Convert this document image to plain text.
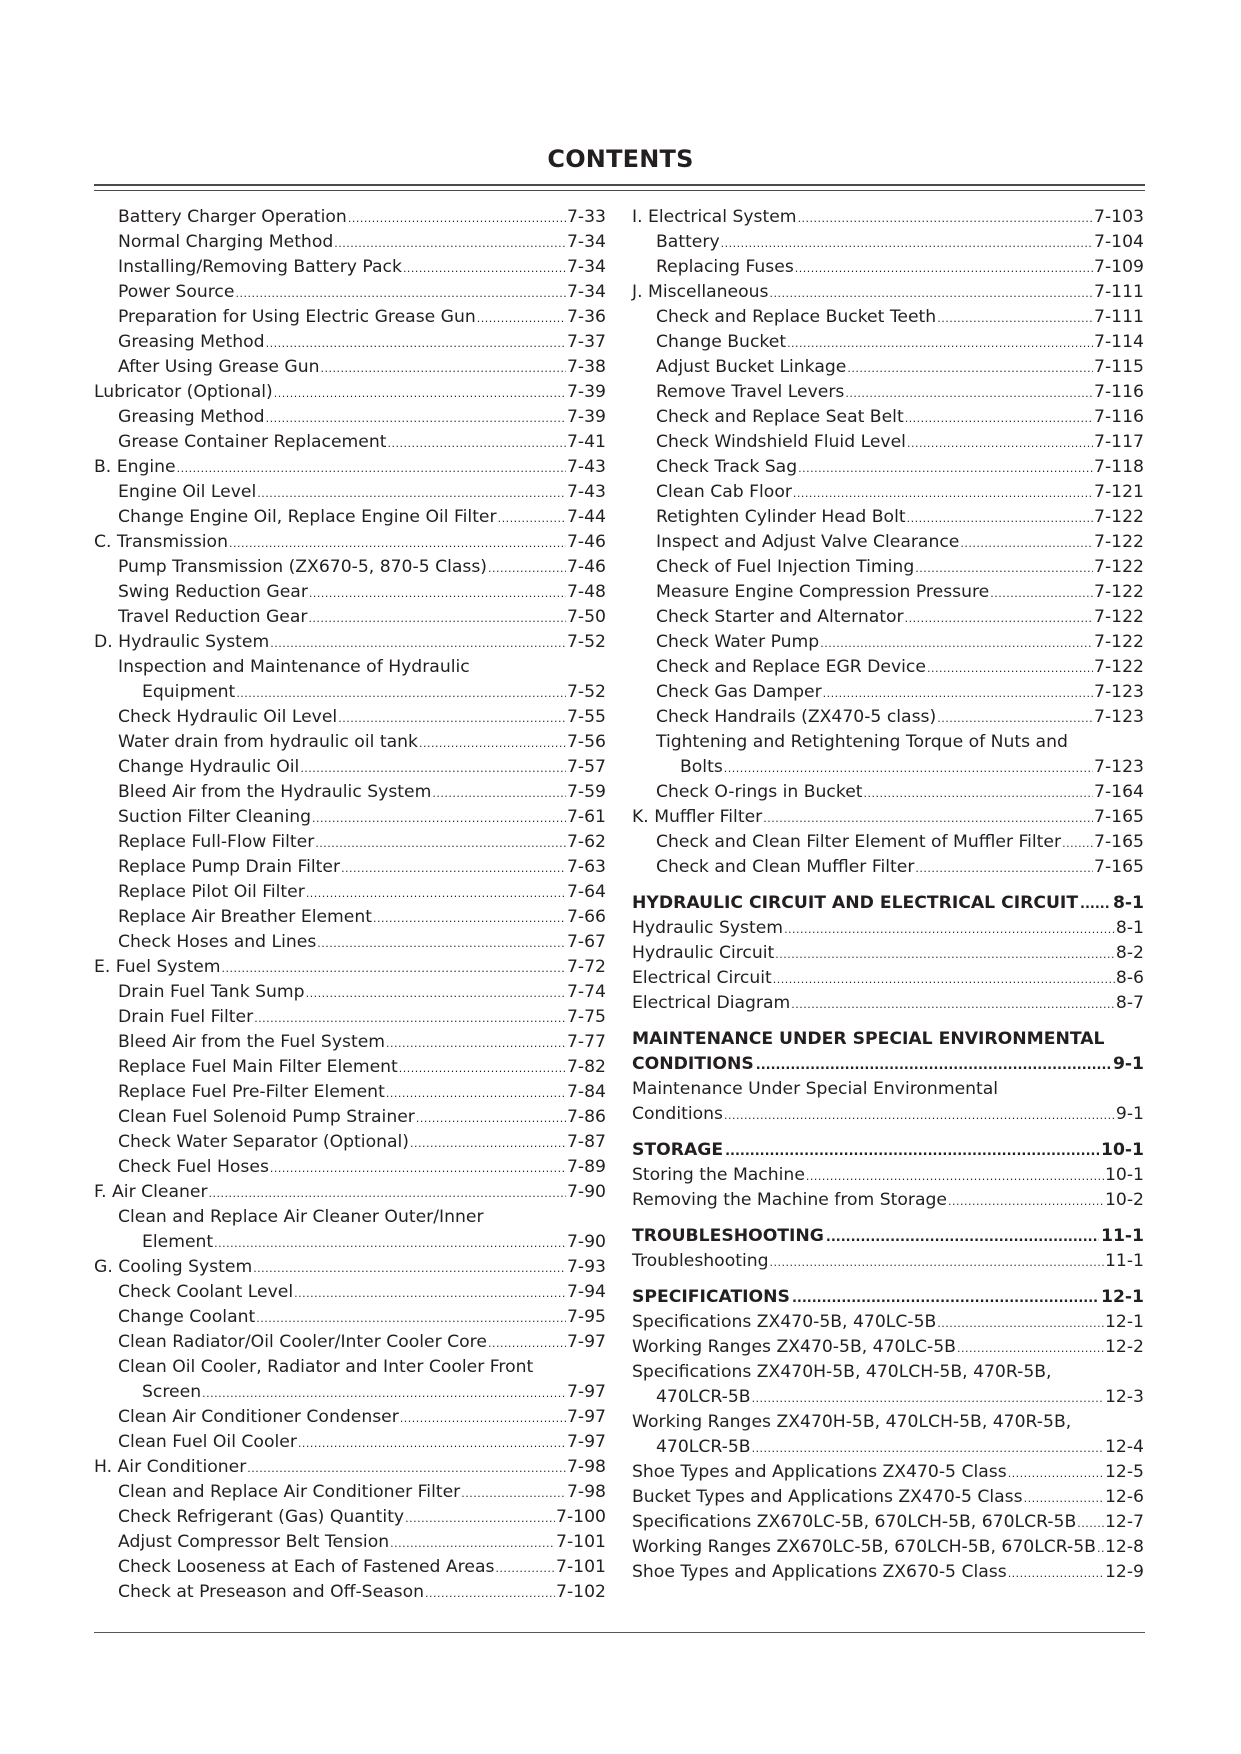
CONTENTS
Battery Charger Operation .....	7-33
Normal Charging Method .....	7-34
Installing/Removing Battery Pack .....	7-34
Power Source .....	7-34
Preparation for Using Electric Grease Gun .....	7-36
Greasing Method .....	7-37
After Using Grease Gun .....	7-38
Lubricator (Optional) .....	7-39
Greasing Method .....	7-39
Grease Container Replacement .....	7-41
B. Engine .....	7-43
Engine Oil Level .....	7-43
Change Engine Oil, Replace Engine Oil Filter .....	7-44
C. Transmission .....	7-46
Pump Transmission (ZX670-5, 870-5 Class) .....	7-46
Swing Reduction Gear .....	7-48
Travel Reduction Gear .....	7-50
D. Hydraulic System .....	7-52
Inspection and Maintenance of Hydraulic
Equipment .....	7-52
Check Hydraulic Oil Level .....	7-55
Water drain from hydraulic oil tank .....	7-56
Change Hydraulic Oil .....	7-57
Bleed Air from the Hydraulic System .....	7-59
Suction Filter Cleaning .....	7-61
Replace Full-Flow Filter .....	7-62
Replace Pump Drain Filter .....	7-63
Replace Pilot Oil Filter .....	7-64
Replace Air Breather Element .....	7-66
Check Hoses and Lines .....	7-67
E. Fuel System .....	7-72
Drain Fuel Tank Sump .....	7-74
Drain Fuel Filter .....	7-75
Bleed Air from the Fuel System .....	7-77
Replace Fuel Main Filter Element .....	7-82
Replace Fuel Pre-Filter Element .....	7-84
Clean Fuel Solenoid Pump Strainer .....	7-86
Check Water Separator (Optional) .....	7-87
Check Fuel Hoses .....	7-89
F. Air Cleaner .....	7-90
Clean and Replace Air Cleaner Outer/Inner
Element .....	7-90
G. Cooling System .....	7-93
Check Coolant Level .....	7-94
Change Coolant .....	7-95
Clean Radiator/Oil Cooler/Inter Cooler Core .....	7-97
Clean Oil Cooler, Radiator and Inter Cooler Front
Screen .....	7-97
Clean Air Conditioner Condenser .....	7-97
Clean Fuel Oil Cooler .....	7-97
H. Air Conditioner .....	7-98
Clean and Replace Air Conditioner Filter .....	7-98
Check Refrigerant (Gas) Quantity .....	7-100
Adjust Compressor Belt Tension .....	7-101
Check Looseness at Each of Fastened Areas .....	7-101
Check at Preseason and Off-Season .....	7-102
I. Electrical System .....	7-103
Battery .....	7-104
Replacing Fuses .....	7-109
J. Miscellaneous .....	7-111
Check and Replace Bucket Teeth .....	7-111
Change Bucket .....	7-114
Adjust Bucket Linkage .....	7-115
Remove Travel Levers .....	7-116
Check and Replace Seat Belt .....	7-116
Check Windshield Fluid Level .....	7-117
Check Track Sag .....	7-118
Clean Cab Floor .....	7-121
Retighten Cylinder Head Bolt .....	7-122
Inspect and Adjust Valve Clearance .....	7-122
Check of Fuel Injection Timing .....	7-122
Measure Engine Compression Pressure .....	7-122
Check Starter and Alternator .....	7-122
Check Water Pump .....	7-122
Check and Replace EGR Device .....	7-122
Check Gas Damper .....	7-123
Check Handrails (ZX470-5 class) .....	7-123
Tightening and Retightening Torque of Nuts and
Bolts .....	7-123
Check O-rings in Bucket .....	7-164
K. Muffler Filter .....	7-165
Check and Clean Filter Element of Muffler Filter ..... 7-165
Check and Clean Muffler Filter .....	7-165
HYDRAULIC CIRCUIT AND ELECTRICAL CIRCUIT ..... 8-1
Hydraulic System .....	8-1
Hydraulic Circuit .....	8-2
Electrical Circuit .....	8-6
Electrical Diagram .....	8-7
MAINTENANCE UNDER SPECIAL ENVIRONMENTAL
CONDITIONS .....	9-1
Maintenance Under Special Environmental
Conditions .....	9-1
STORAGE .....	10-1
Storing the Machine .....	10-1
Removing the Machine from Storage .....	10-2
TROUBLESHOOTING .....	11-1
Troubleshooting .....	11-1
SPECIFICATIONS .....	12-1
Specifications ZX470-5B, 470LC-5B .....	12-1
Working Ranges ZX470-5B, 470LC-5B .....	12-2
Specifications ZX470H-5B, 470LCH-5B, 470R-5B,
470LCR-5B .....	12-3
Working Ranges ZX470H-5B, 470LCH-5B, 470R-5B,
470LCR-5B .....	12-4
Shoe Types and Applications ZX470-5 Class .....	12-5
Bucket Types and Applications ZX470-5 Class .....	12-6
Specifications ZX670LC-5B, 670LCH-5B, 670LCR-5B ..... 12-7
Working Ranges ZX670LC-5B, 670LCH-5B, 670LCR-5B ..... 12-8
Shoe Types and Applications ZX670-5 Class .....	12-9
